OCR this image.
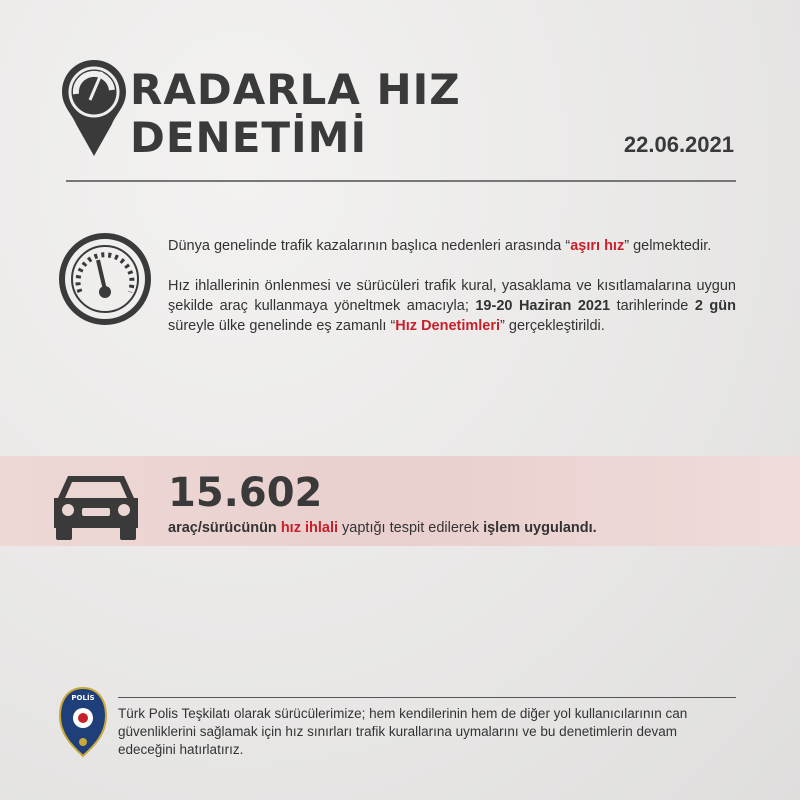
RADARLA HIZ
DENETİMİ	22.06.2021

Dünya genelinde trafik kazalarının başlıca nedenleri arasında “aşırı hız” gelmektedir.

Hız ihlallerinin önlenmesi ve sürücüleri trafik kural, yasaklama ve kısıtlamalarına uygun şekilde araç kullanmaya yöneltmek amacıyla; 19-20 Haziran 2021 tarihlerinde 2 gün süreyle ülke genelinde eş zamanlı “Hız Denetimleri” gerçekleştirildi.

15.602
araç/sürücünün hız ihlali yaptığı tespit edilerek işlem uygulandı.
POLİS
Türk Polis Teşkilatı olarak sürücülerimize; hem kendilerinin hem de diğer yol kullanıcılarının can güvenliklerini sağlamak için hız sınırları trafik kurallarına uymalarını ve bu denetimlerin devam edeceğini hatırlatırız.
